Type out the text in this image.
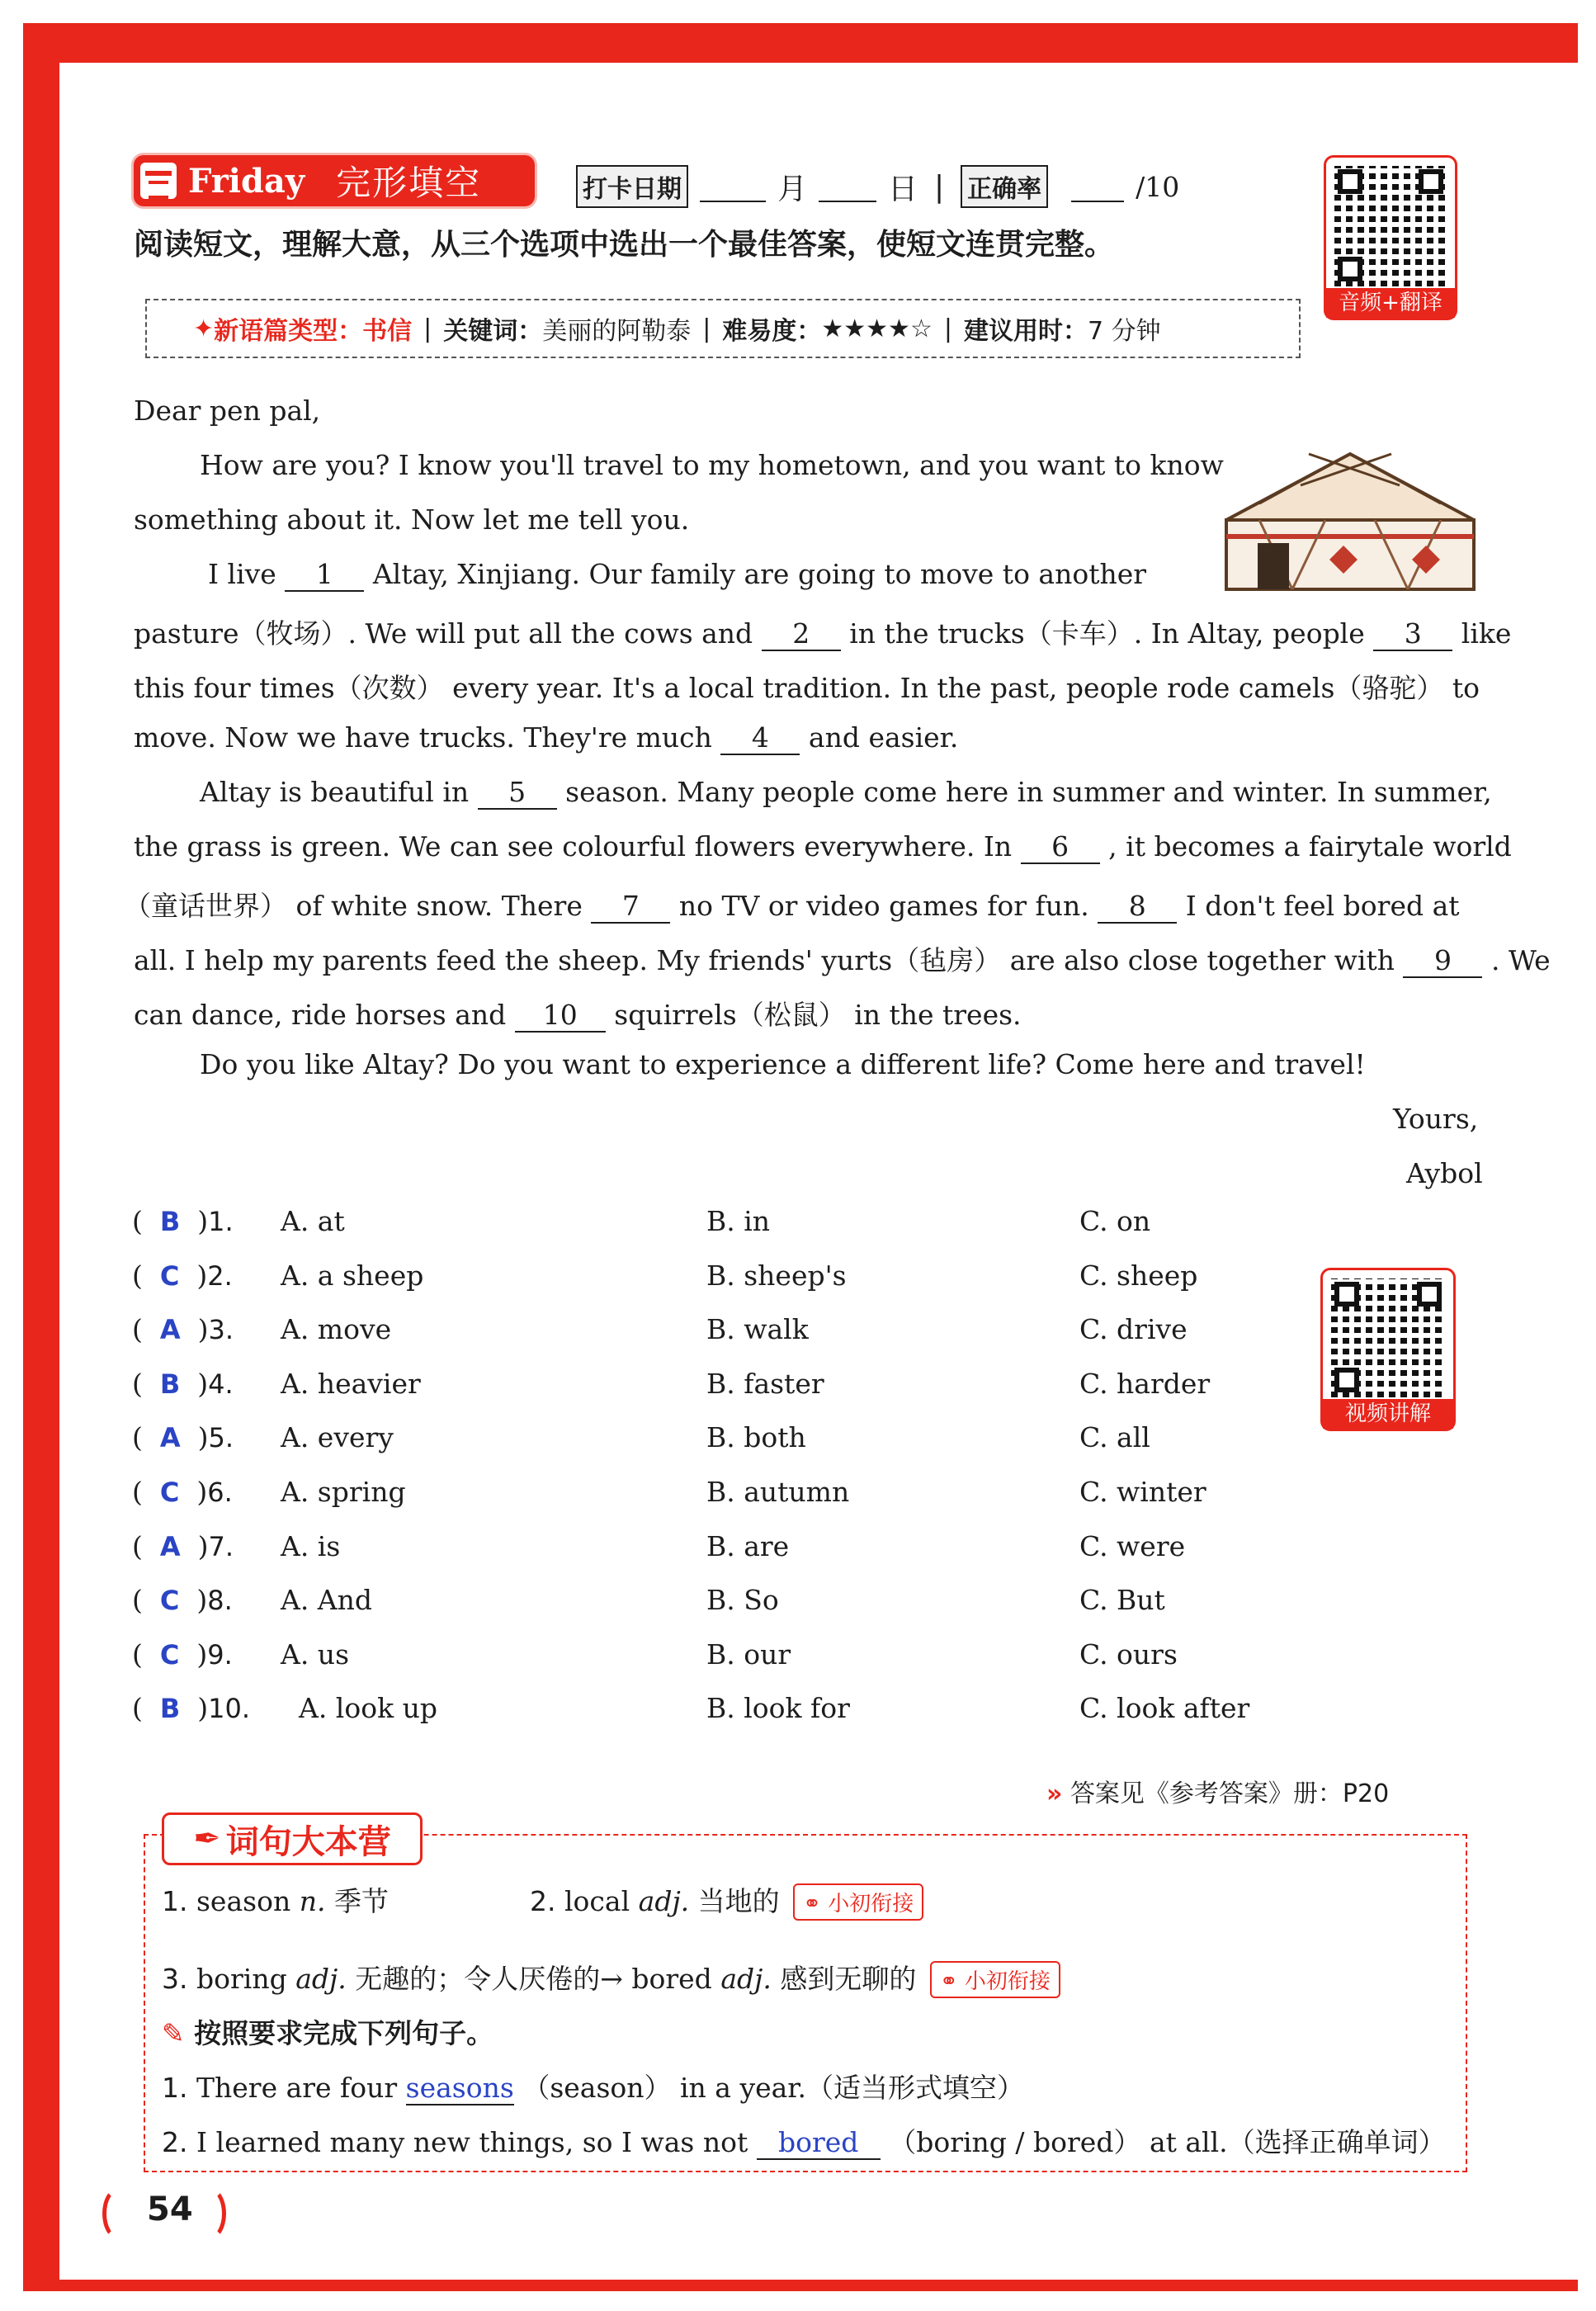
Friday 完形填空	打卡日期	月	日 | 正确率	/10
阅读短文，理解大意，从三个选项中选出一个最佳答案，使短文连贯完整。
音频+翻译
✦ 新语篇类型：书信 | 关键词： 美丽的阿勒泰 | 难易度： ★★★★☆ | 建议用时： 7 分钟
Dear pen pal,
How are you? I know you'll travel to my hometown, and you want to know
something about it. Now let me tell you.
I live 1 Altay, Xinjiang. Our family are going to move to another
pasture（牧场）. We will put all the cows and 2 in the trucks（卡车）. In Altay, people 3 like
this four times（次数） every year. It's a local tradition. In the past, people rode camels（骆驼） to
move. Now we have trucks. They're much 4 and easier.
Altay is beautiful in 5 season. Many people come here in summer and winter. In summer,
the grass is green. We can see colourful flowers everywhere. In 6 , it becomes a fairytale world
（童话世界） of white snow. There 7 no TV or video games for fun. 8 I don't feel bored at
all. I help my parents feed the sheep. My friends' yurts（毡房） are also close together with 9 . We
can dance, ride horses and 10 squirrels（松鼠） in the trees.
Do you like Altay? Do you want to experience a different life? Come here and travel!
Yours,
Aybol
视频讲解
(  B  )1. A. at	B. in	C. on
(  C  )2. A. a sheep	B. sheep's	C. sheep
(  A  )3. A. move	B. walk	C. drive
(  B  )4. A. heavier	B. faster	C. harder
(  A  )5. A. every	B. both	C. all
(  C  )6. A. spring	B. autumn	C. winter
(  A  )7. A. is	B. are	C. were
(  C  )8. A. And	B. So	C. But
(  C  )9. A. us	B. our	C. ours
(  B  )10. A. look up	B. look for	C. look after
» 答案见《参考答案》册：P20
✒ 词句大本营
1. season n. 季节	2. local adj. 当地的 ⚭ 小初衔接
3. boring adj. 无趣的；令人厌倦的→ bored adj. 感到无聊的 ⚭ 小初衔接
✎ 按照要求完成下列句子。
1. There are four seasons （season） in a year.（适当形式填空）
2. I learned many new things, so I was not bored （boring / bored） at all.（选择正确单词）
54
